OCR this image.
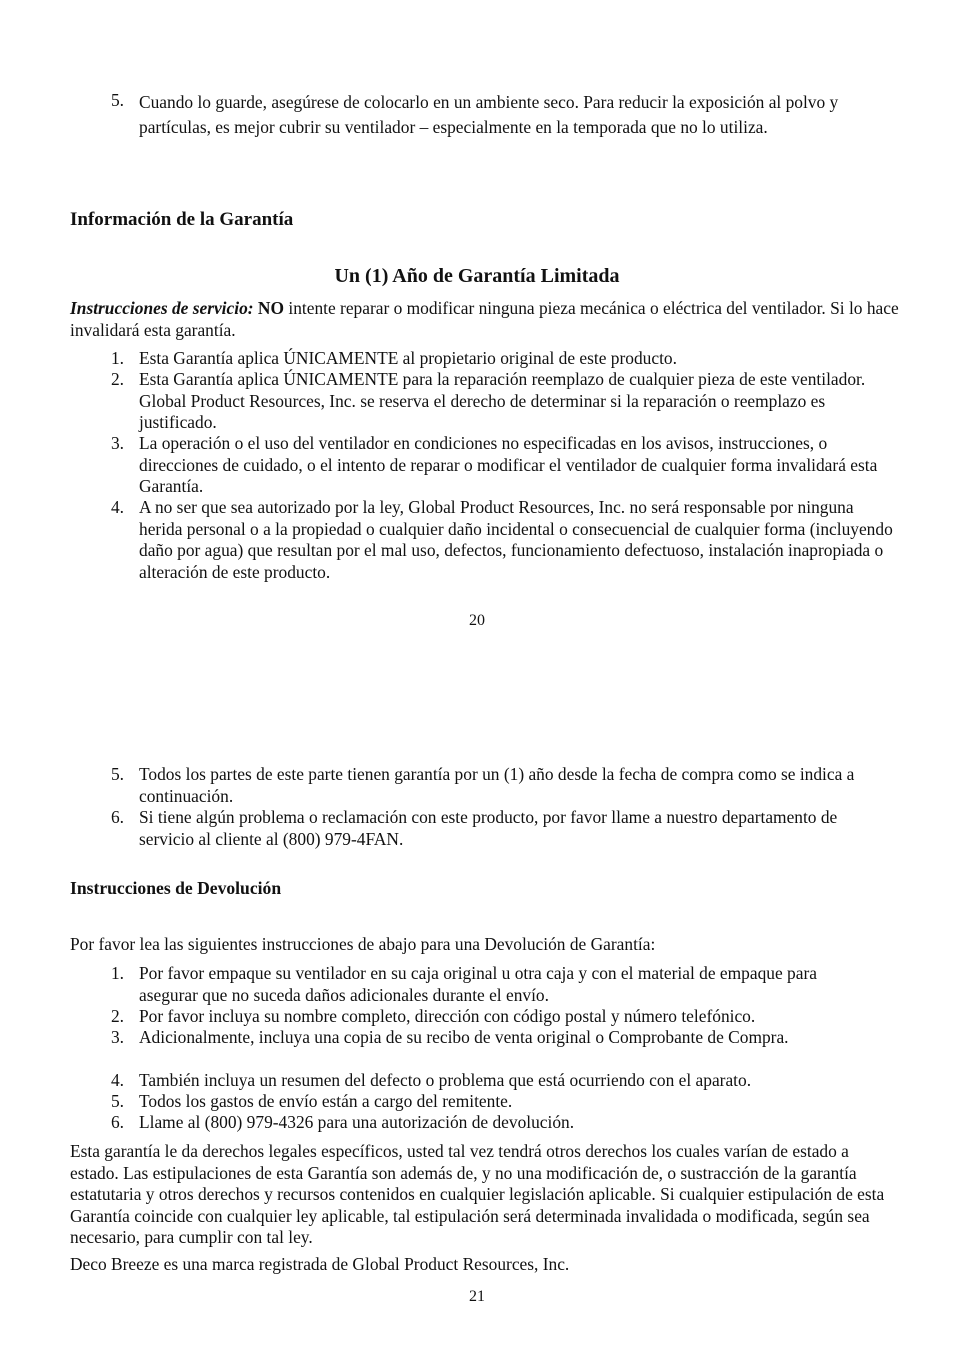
5. Cuando lo guarde, asegúrese de colocarlo en un ambiente seco. Para reducir la exposición al polvo y partículas, es mejor cubrir su ventilador – especialmente en la temporada que no lo utiliza.
Información de la Garantía
Un (1) Año de Garantía Limitada
Instrucciones de servicio: NO intente reparar o modificar ninguna pieza mecánica o eléctrica del ventilador. Si lo hace invalidará esta garantía.
1. Esta Garantía aplica ÚNICAMENTE al propietario original de este producto.
2. Esta Garantía aplica ÚNICAMENTE para la reparación reemplazo de cualquier pieza de este ventilador. Global Product Resources, Inc. se reserva el derecho de determinar si la reparación o reemplazo es justificado.
3. La operación o el uso del ventilador en condiciones no especificadas en los avisos, instrucciones, o direcciones de cuidado, o el intento de reparar o modificar el ventilador de cualquier forma invalidará esta Garantía.
4. A no ser que sea autorizado por la ley, Global Product Resources, Inc. no será responsable por ninguna herida personal o a la propiedad o cualquier daño incidental o consecuencial de cualquier forma (incluyendo daño por agua) que resultan por el mal uso, defectos, funcionamiento defectuoso, instalación inapropiada o alteración de este producto.
20
5. Todos los partes de este parte tienen garantía por un (1) año desde la fecha de compra como se indica a continuación.
6. Si tiene algún problema o reclamación con este producto, por favor llame a nuestro departamento de servicio al cliente al (800) 979-4FAN.
Instrucciones de Devolución
Por favor lea las siguientes instrucciones de abajo para una Devolución de Garantía:
1. Por favor empaque su ventilador en su caja original u otra caja y con el material de empaque para asegurar que no suceda daños adicionales durante el envío.
2. Por favor incluya su nombre completo, dirección con código postal y número telefónico.
3. Adicionalmente, incluya una copia de su recibo de venta original o Comprobante de Compra.
4. También incluya un resumen del defecto o problema que está ocurriendo con el aparato.
5. Todos los gastos de envío están a cargo del remitente.
6. Llame al (800) 979-4326 para una autorización de devolución.
Esta garantía le da derechos legales específicos, usted tal vez tendrá otros derechos los cuales varían de estado a estado. Las estipulaciones de esta Garantía son además de, y no una modificación de, o sustracción de la garantía estatutaria y otros derechos y recursos contenidos en cualquier legislación aplicable. Si cualquier estipulación de esta Garantía coincide con cualquier ley aplicable, tal estipulación será determinada invalidada o modificada, según sea necesario, para cumplir con tal ley.
Deco Breeze es una marca registrada de Global Product Resources, Inc.
21
